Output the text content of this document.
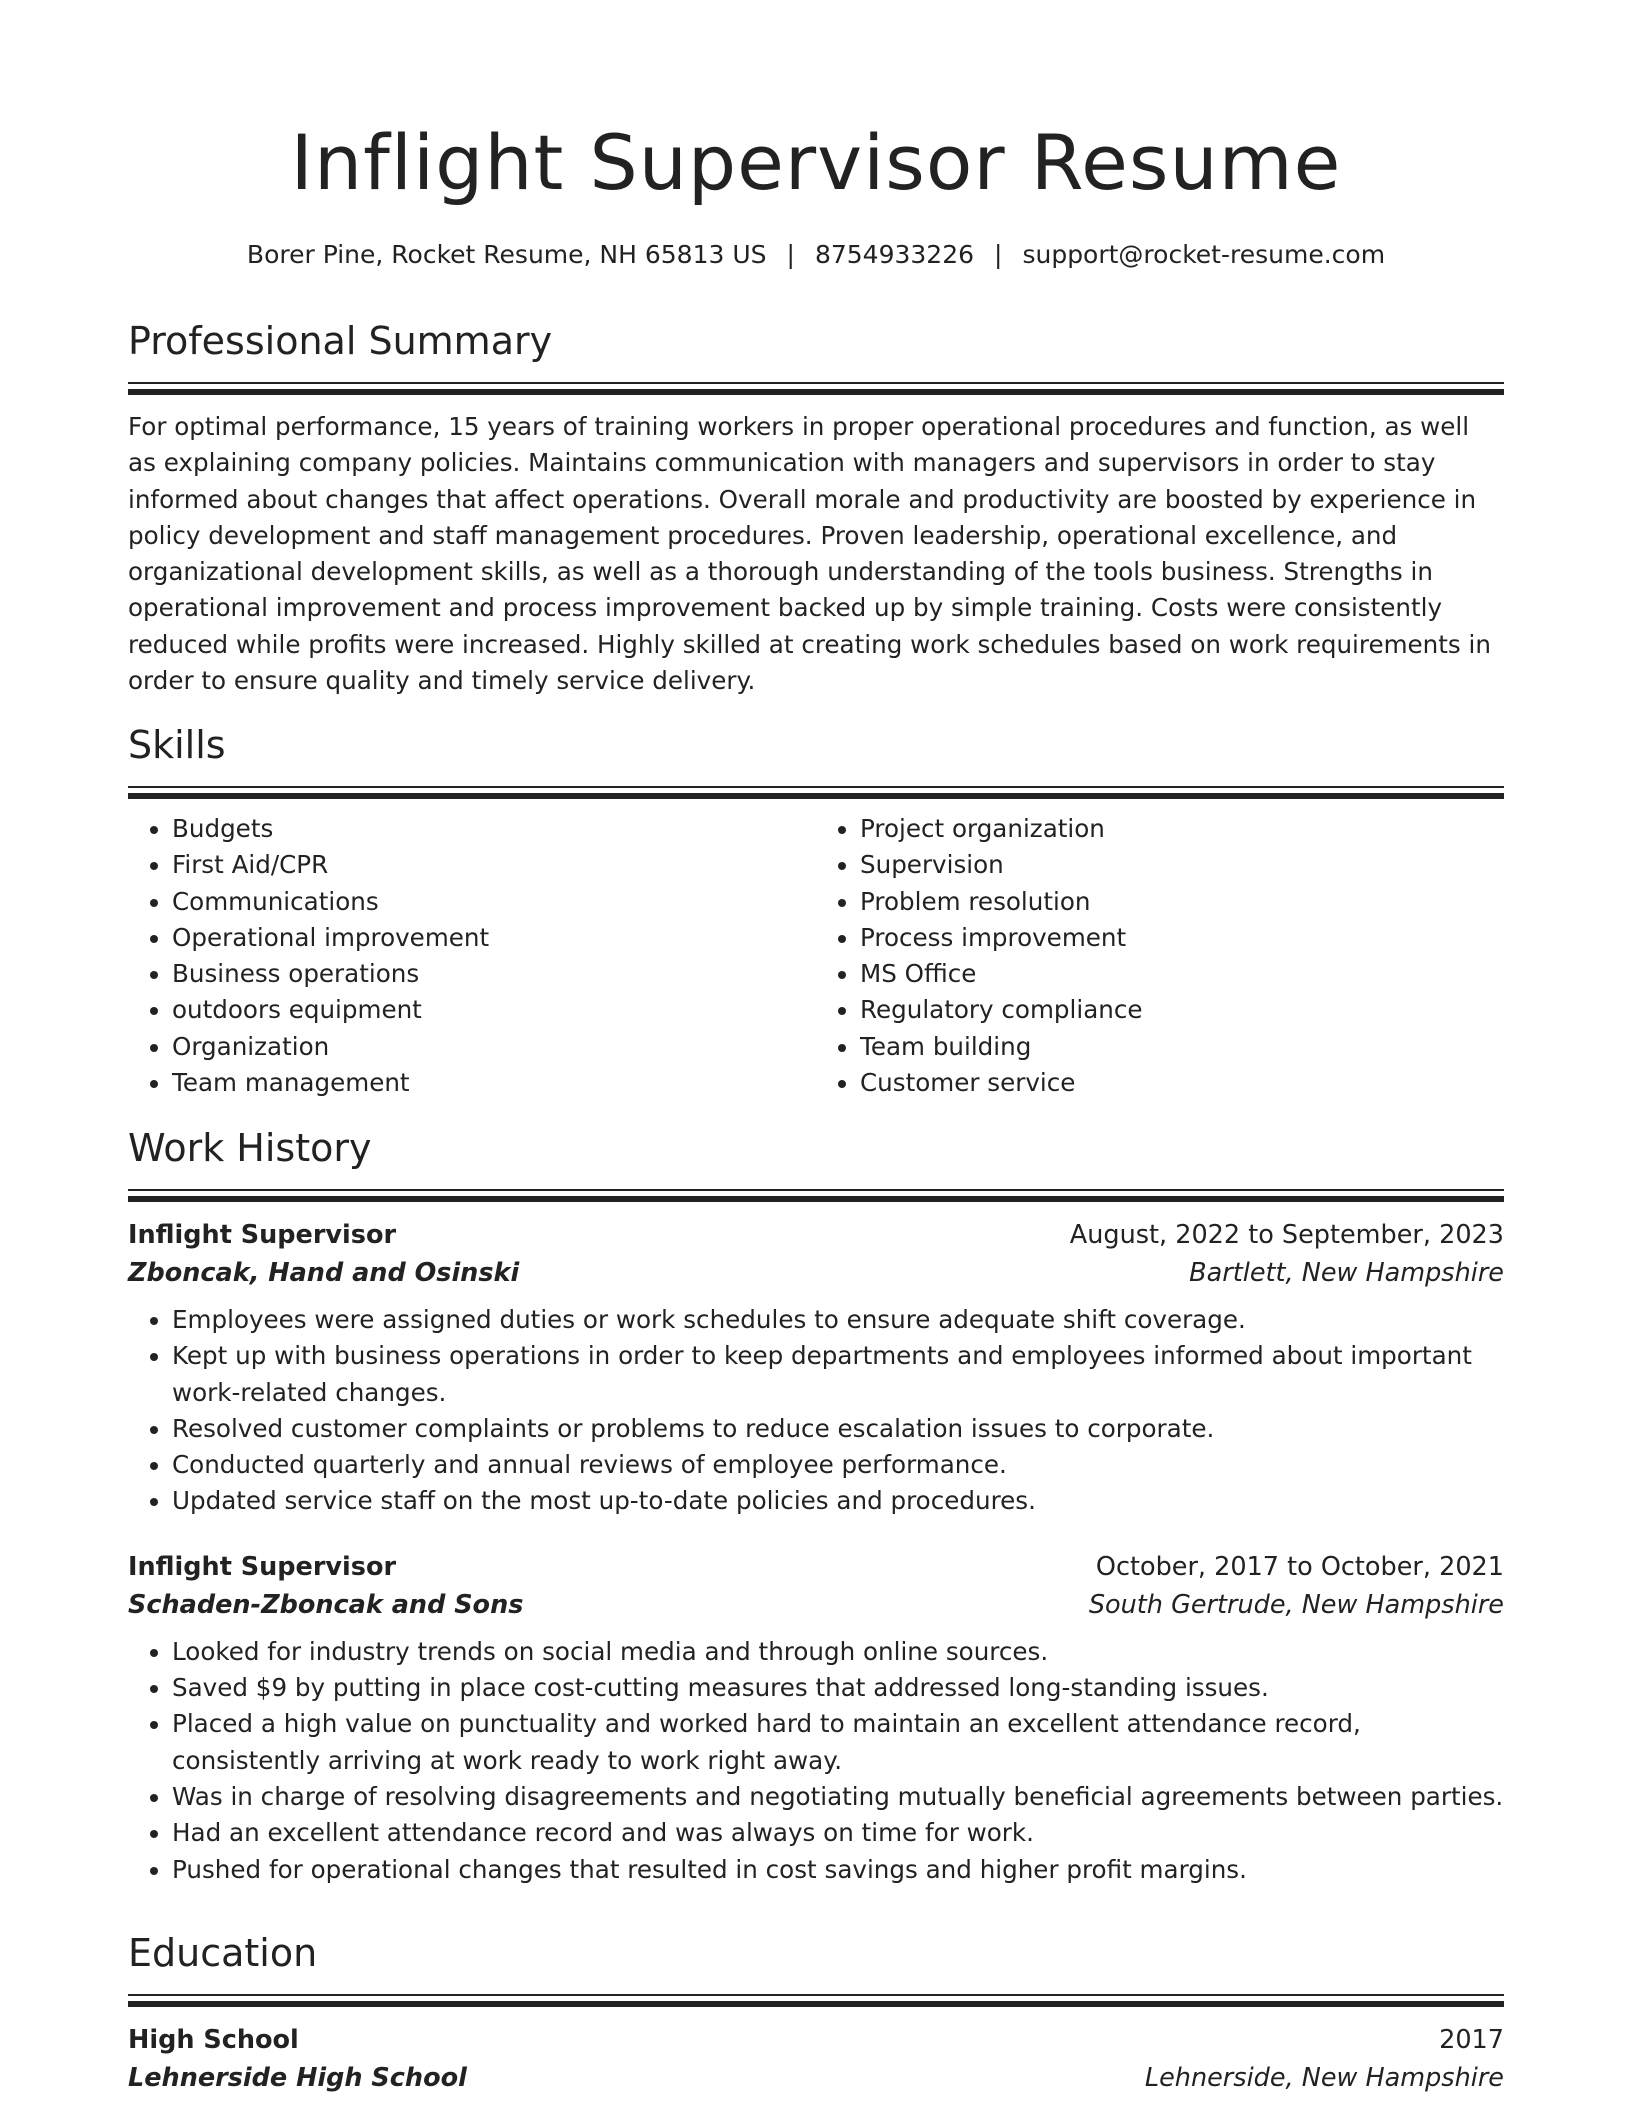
Inflight Supervisor Resume
Borer Pine, Rocket Resume, NH 65813 US | 8754933226 | support@rocket-resume.com
Professional Summary
For optimal performance, 15 years of training workers in proper operational procedures and function, as well as explaining company policies. Maintains communication with managers and supervisors in order to stay informed about changes that affect operations. Overall morale and productivity are boosted by experience in policy development and staff management procedures. Proven leadership, operational excellence, and organizational development skills, as well as a thorough understanding of the tools business. Strengths in operational improvement and process improvement backed up by simple training. Costs were consistently reduced while profits were increased. Highly skilled at creating work schedules based on work requirements in order to ensure quality and timely service delivery.
Skills
• Budgets
• First Aid/CPR
• Communications
• Operational improvement
• Business operations
• outdoors equipment
• Organization
• Team management
• Project organization
• Supervision
• Problem resolution
• Process improvement
• MS Office
• Regulatory compliance
• Team building
• Customer service
Work History
Inflight Supervisor	August, 2022 to September, 2023
Zboncak, Hand and Osinski	Bartlett, New Hampshire
• Employees were assigned duties or work schedules to ensure adequate shift coverage.
• Kept up with business operations in order to keep departments and employees informed about important work-related changes.
• Resolved customer complaints or problems to reduce escalation issues to corporate.
• Conducted quarterly and annual reviews of employee performance.
• Updated service staff on the most up-to-date policies and procedures.
Inflight Supervisor	October, 2017 to October, 2021
Schaden-Zboncak and Sons	South Gertrude, New Hampshire
• Looked for industry trends on social media and through online sources.
• Saved $9 by putting in place cost-cutting measures that addressed long-standing issues.
• Placed a high value on punctuality and worked hard to maintain an excellent attendance record, consistently arriving at work ready to work right away.
• Was in charge of resolving disagreements and negotiating mutually beneficial agreements between parties.
• Had an excellent attendance record and was always on time for work.
• Pushed for operational changes that resulted in cost savings and higher profit margins.
Education
High School	2017
Lehnerside High School	Lehnerside, New Hampshire
